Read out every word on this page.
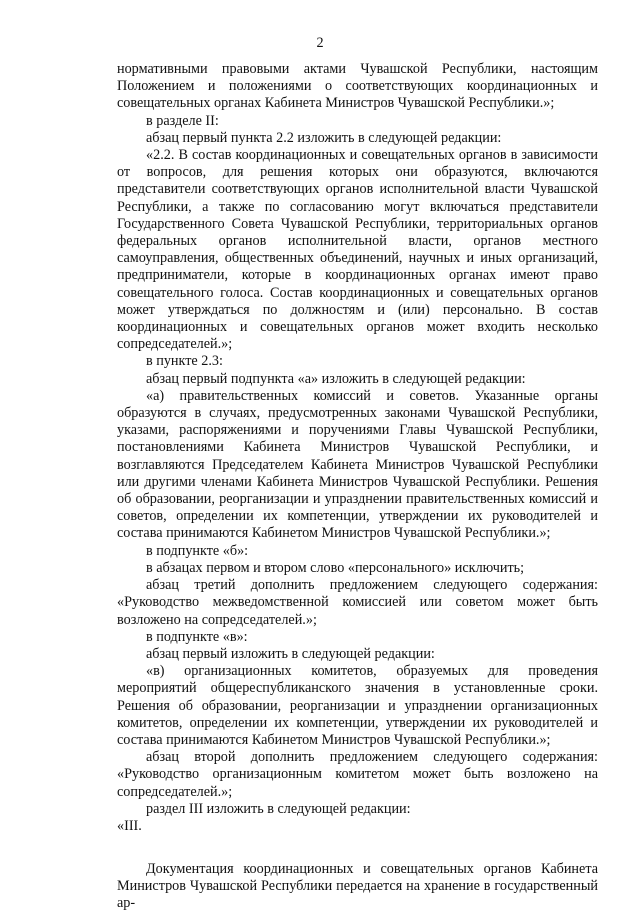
2

нормативными правовыми актами Чувашской Республики, настоящим Положением и положениями о соответствующих координационных и совещательных органах Кабинета Министров Чувашской Республики.»;

в разделе II:

абзац первый пункта 2.2 изложить в следующей редакции:

«2.2. В состав координационных и совещательных органов в зависимости от вопросов, для решения которых они образуются, включаются представители соответствующих органов исполнительной власти Чувашской Республики, а также по согласованию могут включаться представители Государственного Совета Чувашской Республики, территориальных органов федеральных органов исполнительной власти, органов местного самоуправления, общественных объединений, научных и иных организаций, предприниматели, которые в координационных органах имеют право совещательного голоса. Состав координационных и совещательных органов может утверждаться по должностям и (или) персонально. В состав координационных и совещательных органов может входить несколько сопредседателей.»;

в пункте 2.3:

абзац первый подпункта «а» изложить в следующей редакции:

«а) правительственных комиссий и советов. Указанные органы образуются в случаях, предусмотренных законами Чувашской Республики, указами, распоряжениями и поручениями Главы Чувашской Республики, постановлениями Кабинета Министров Чувашской Республики, и возглавляются Председателем Кабинета Министров Чувашской Республики или другими членами Кабинета Министров Чувашской Республики. Решения об образовании, реорганизации и упразднении правительственных комиссий и советов, определении их компетенции, утверждении их руководителей и состава принимаются Кабинетом Министров Чувашской Республики.»;

в подпункте «б»:

в абзацах первом и втором слово «персонального» исключить;

абзац третий дополнить предложением следующего содержания: «Руководство межведомственной комиссией или советом может быть возложено на сопредседателей.»;

в подпункте «в»:

абзац первый изложить в следующей редакции:

«в) организационных комитетов, образуемых для проведения мероприятий общереспубликанского значения в установленные сроки. Решения об образовании, реорганизации и упразднении организационных комитетов, определении их компетенции, утверждении их руководителей и состава принимаются Кабинетом Министров Чувашской Республики.»;

абзац второй дополнить предложением следующего содержания: «Руководство организационным комитетом может быть возложено на сопредседателей.»;

раздел III изложить в следующей редакции:

«III.

Документация координационных и совещательных органов Кабинета Министров Чувашской Республики передается на хранение в государственный ар-
